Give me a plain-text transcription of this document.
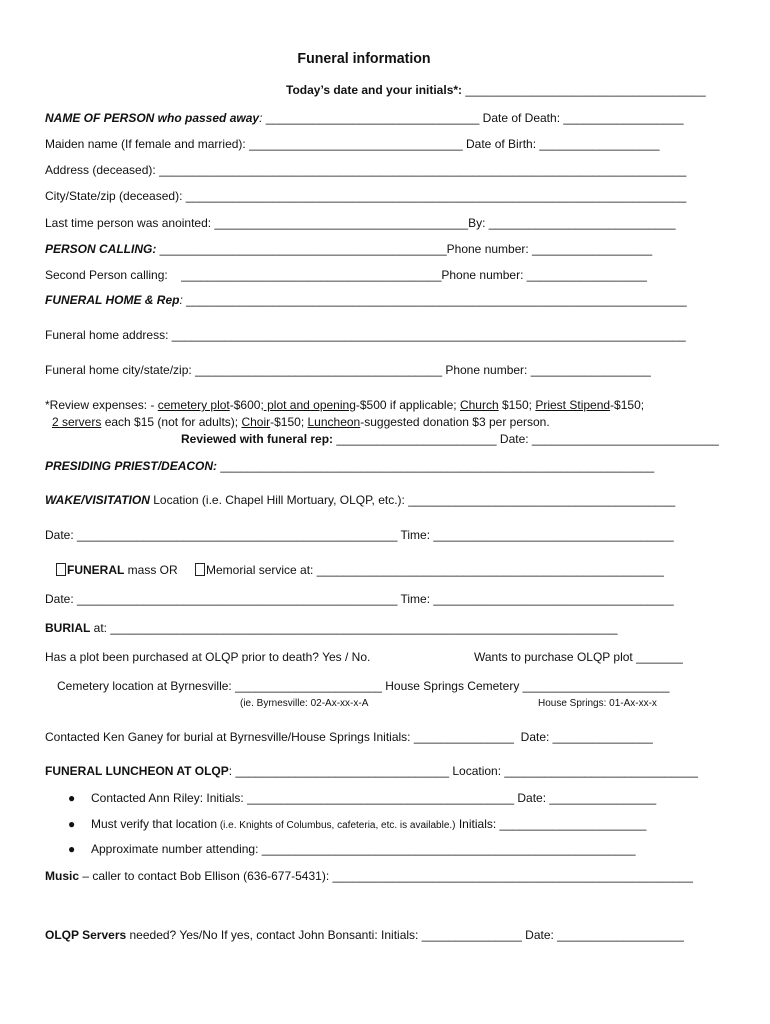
Funeral information
Today’s date and your initials*: ____________________________________
NAME OF PERSON who passed away: ________________________________ Date of Death: __________________
Maiden name (If female and married): ________________________________ Date of Birth: __________________
Address (deceased): _______________________________________________________________________________
City/State/zip (deceased): ___________________________________________________________________________
Last time person was anointed: ______________________________________By: ____________________________
PERSON CALLING: ___________________________________________Phone number: __________________
Second Person calling:    _______________________________________Phone number: __________________
FUNERAL HOME & Rep: ___________________________________________________________________________
Funeral home address: _____________________________________________________________________________
Funeral home city/state/zip: _____________________________________ Phone number: __________________
*Review expenses: - cemetery plot-$600; plot and opening-$500 if applicable; Church $150; Priest Stipend-$150;
2 servers each $15 (not for adults); Choir-$150; Luncheon-suggested donation $3 per person.
Reviewed with funeral rep: ________________________ Date: ____________________________
PRESIDING PRIEST/DEACON: _________________________________________________________________
WAKE/VISITATION Location (i.e. Chapel Hill Mortuary, OLQP, etc.): ________________________________________
Date: ________________________________________________ Time: ____________________________________
FUNERAL mass OR Memorial service at: ____________________________________________________
Date: ________________________________________________ Time: ____________________________________
BURIAL at: ____________________________________________________________________________
Has a plot been purchased at OLQP prior to death? Yes / No.	Wants to purchase OLQP plot _______
Cemetery location at Byrnesville: ______________________ House Springs Cemetery ______________________
(ie. Byrnesville: 02-Ax-xx-x-A	House Springs: 01-Ax-xx-x
Contacted Ken Ganey for burial at Byrnesville/House Springs Initials: _______________  Date: _______________
FUNERAL LUNCHEON AT OLQP: ________________________________ Location: _____________________________
● Contacted Ann Riley: Initials: ________________________________________ Date: ________________
● Must verify that location (i.e. Knights of Columbus, cafeteria, etc. is available.) Initials: ______________________
● Approximate number attending: ________________________________________________________
Music – caller to contact Bob Ellison (636-677-5431): ______________________________________________________
OLQP Servers needed? Yes/No If yes, contact John Bonsanti: Initials: _______________ Date: ___________________
